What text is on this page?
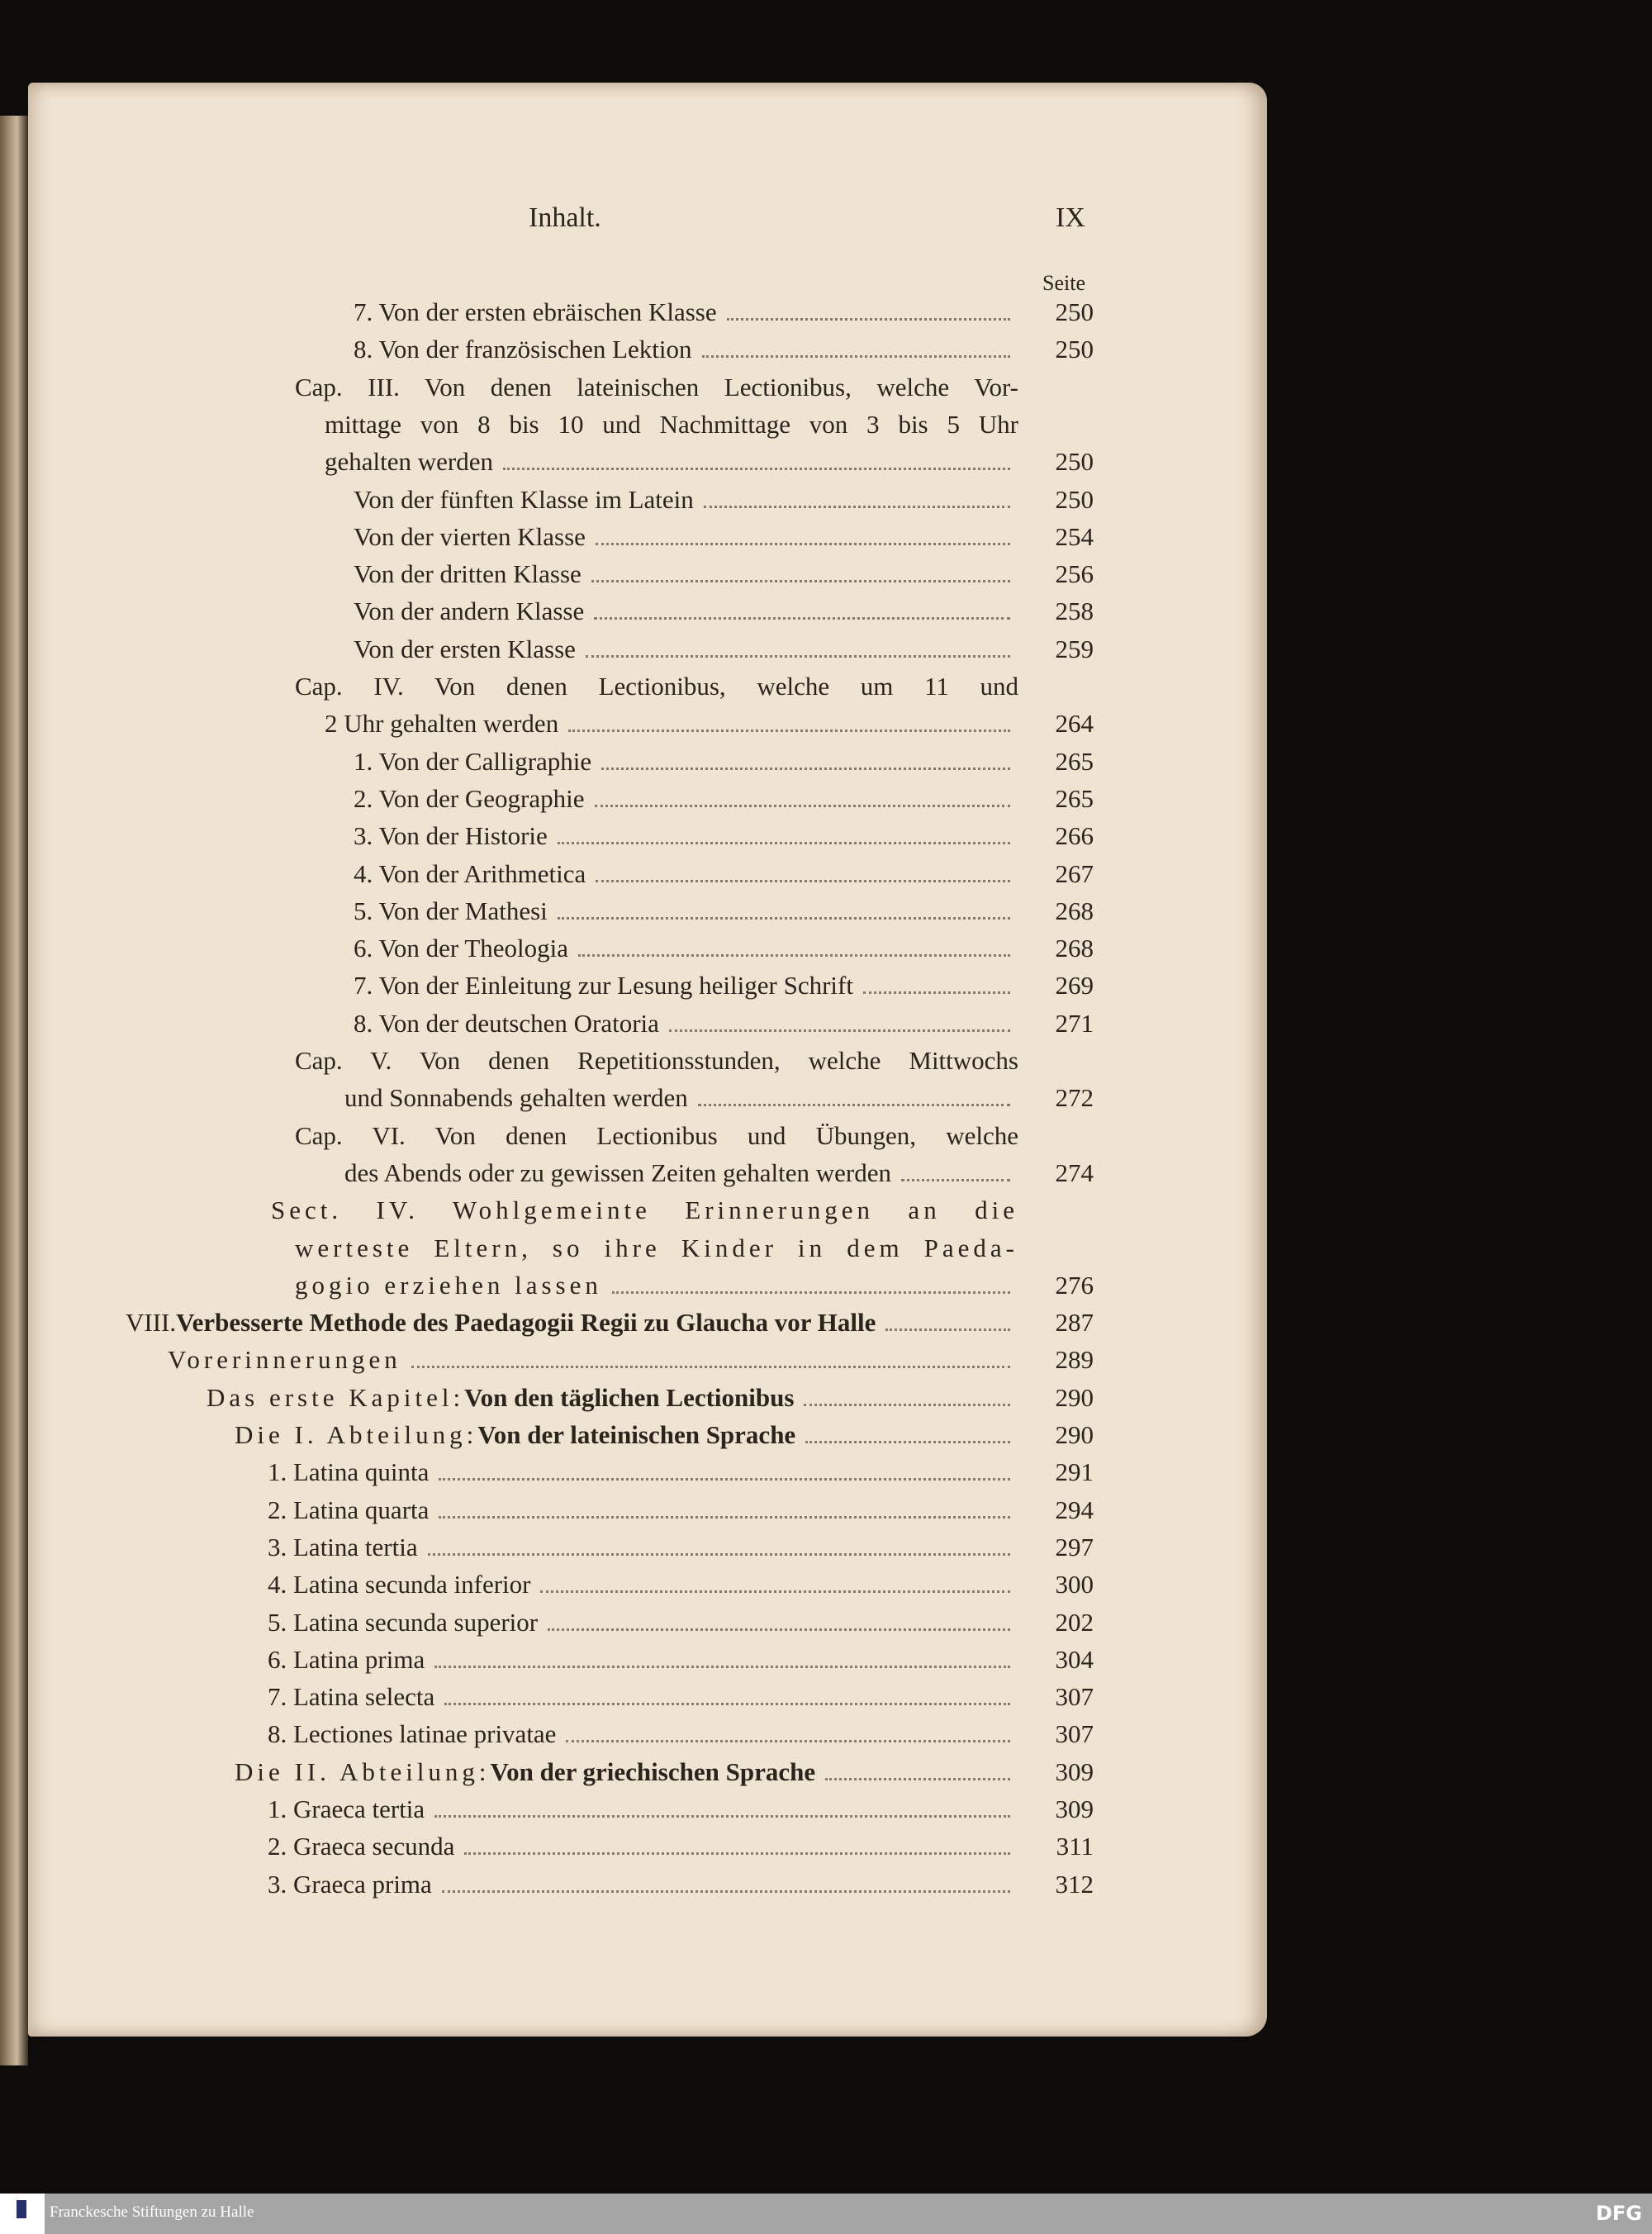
Inhalt.	IX
Seite
7. Von der ersten ebräischen Klasse	250
8. Von der französischen Lektion	250
Cap. III. Von denen lateinischen Lectionibus, welche Vor-
mittage von 8 bis 10 und Nachmittage von 3 bis 5 Uhr
gehalten werden	250
Von der fünften Klasse im Latein	250
Von der vierten Klasse	254
Von der dritten Klasse	256
Von der andern Klasse	258
Von der ersten Klasse	259
Cap. IV. Von denen Lectionibus, welche um 11 und
2 Uhr gehalten werden	264
1. Von der Calligraphie	265
2. Von der Geographie	265
3. Von der Historie	266
4. Von der Arithmetica	267
5. Von der Mathesi	268
6. Von der Theologia	268
7. Von der Einleitung zur Lesung heiliger Schrift	269
8. Von der deutschen Oratoria	271
Cap. V. Von denen Repetitionsstunden, welche Mittwochs
und Sonnabends gehalten werden	272
Cap. VI. Von denen Lectionibus und Übungen, welche
des Abends oder zu gewissen Zeiten gehalten werden	274
Sect. IV. Wohlgemeinte Erinnerungen an die
werteste Eltern, so ihre Kinder in dem Paeda-
gogio erziehen lassen	276
VIII. Verbesserte Methode des Paedagogii Regii zu Glaucha vor Halle	287
Vorerinnerungen	289
Das erste Kapitel: Von den täglichen Lectionibus	290
Die I. Abteilung: Von der lateinischen Sprache	290
1. Latina quinta	291
2. Latina quarta	294
3. Latina tertia	297
4. Latina secunda inferior	300
5. Latina secunda superior	202
6. Latina prima	304
7. Latina selecta	307
8. Lectiones latinae privatae	307
Die II. Abteilung: Von der griechischen Sprache	309
1. Graeca tertia	309
2. Graeca secunda	311
3. Graeca prima	312
Franckesche Stiftungen zu Halle	DFG
